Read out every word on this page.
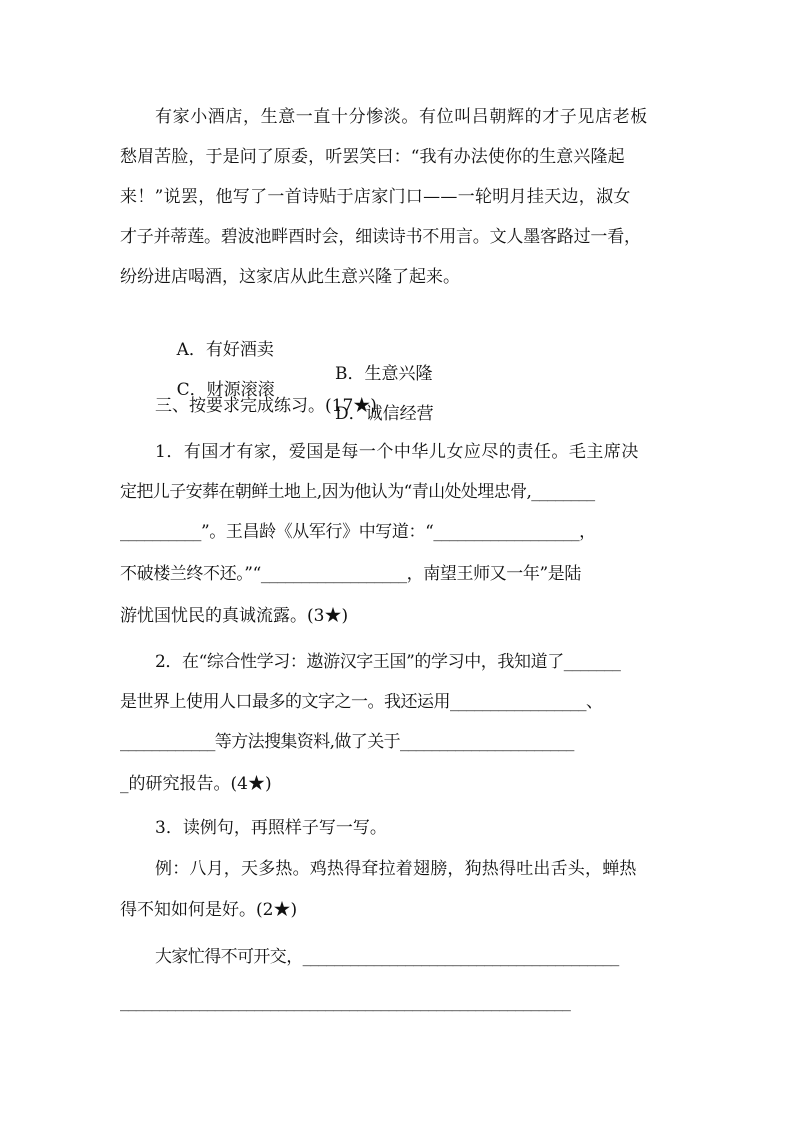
有家小酒店，生意一直十分惨淡。有位叫吕朝辉的才子见店老板
愁眉苦脸，于是问了原委，听罢笑曰：“我有办法使你的生意兴隆起
来！”说罢，他写了一首诗贴于店家门口——一轮明月挂天边，淑女
才子并蒂莲。碧波池畔酉时会，细读诗书不用言。文人墨客路过一看，
纷纷进店喝酒，这家店从此生意兴隆了起来。

A．有好酒卖

B．生意兴隆

C．财源滚滚

D．诚信经营

三、按要求完成练习。(17★)
1．有国才有家，爱国是每一个中华儿女应尽的责任。毛主席决
定把儿子安葬在朝鲜土地上,因为他认为“青山处处埋忠骨,________
__________”。王昌龄《从军行》中写道：“__________________，
不破楼兰终不还。”“__________________，南望王师又一年”是陆
游忧国忧民的真诚流露。(3★)
2．在“综合性学习：遨游汉字王国”的学习中，我知道了_______
是世界上使用人口最多的文字之一。我还运用_________________、
____________等方法搜集资料,做了关于______________________
_的研究报告。(4★)
3．读例句，再照样子写一写。
例：八月，天多热。鸡热得耷拉着翅膀，狗热得吐出舌头，蝉热
得不知如何是好。(2★)
大家忙得不可开交，________________________________________
_________________________________________________________
